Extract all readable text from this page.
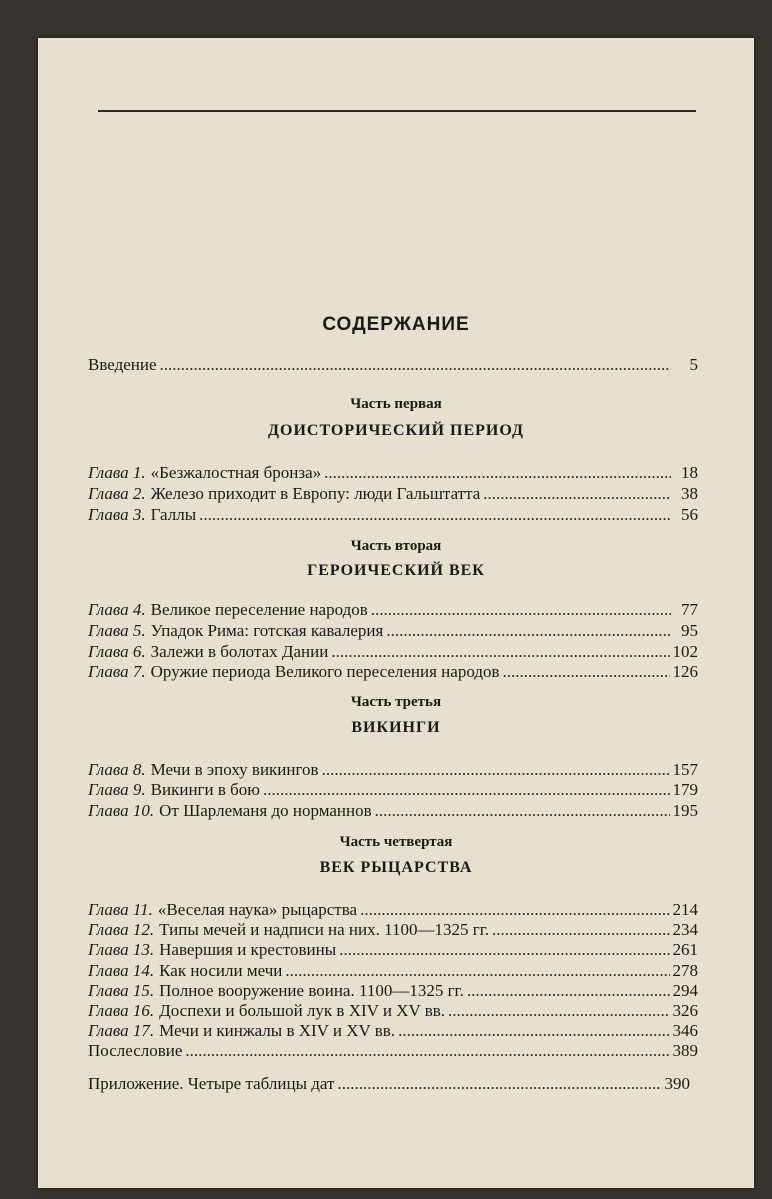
СОДЕРЖАНИЕ
Введение .....	5
Часть первая
ДОИСТОРИЧЕСКИЙ ПЕРИОД
Глава 1. «Безжалостная бронза» .....	18
Глава 2. Железо приходит в Европу: люди Гальштатта .....	38
Глава 3. Галлы .....	56
Часть вторая
ГЕРОИЧЕСКИЙ ВЕК
Глава 4. Великое переселение народов .....	77
Глава 5. Упадок Рима: готская кавалерия .....	95
Глава 6. Залежи в болотах Дании .....	102
Глава 7. Оружие периода Великого переселения народов .....	126
Часть третья
ВИКИНГИ
Глава 8. Мечи в эпоху викингов .....	157
Глава 9. Викинги в бою .....	179
Глава 10. От Шарлеманя до норманнов .....	195
Часть четвертая
ВЕК РЫЦАРСТВА
Глава 11. «Веселая наука» рыцарства .....	214
Глава 12. Типы мечей и надписи на них. 1100—1325 гг. .....	234
Глава 13. Навершия и крестовины .....	261
Глава 14. Как носили мечи .....	278
Глава 15. Полное вооружение воина. 1100—1325 гг. .....	294
Глава 16. Доспехи и большой лук в XIV и XV вв. .....	326
Глава 17. Мечи и кинжалы в XIV и XV вв. .....	346
Послесловие .....	389
Приложение. Четыре таблицы дат .....	390
